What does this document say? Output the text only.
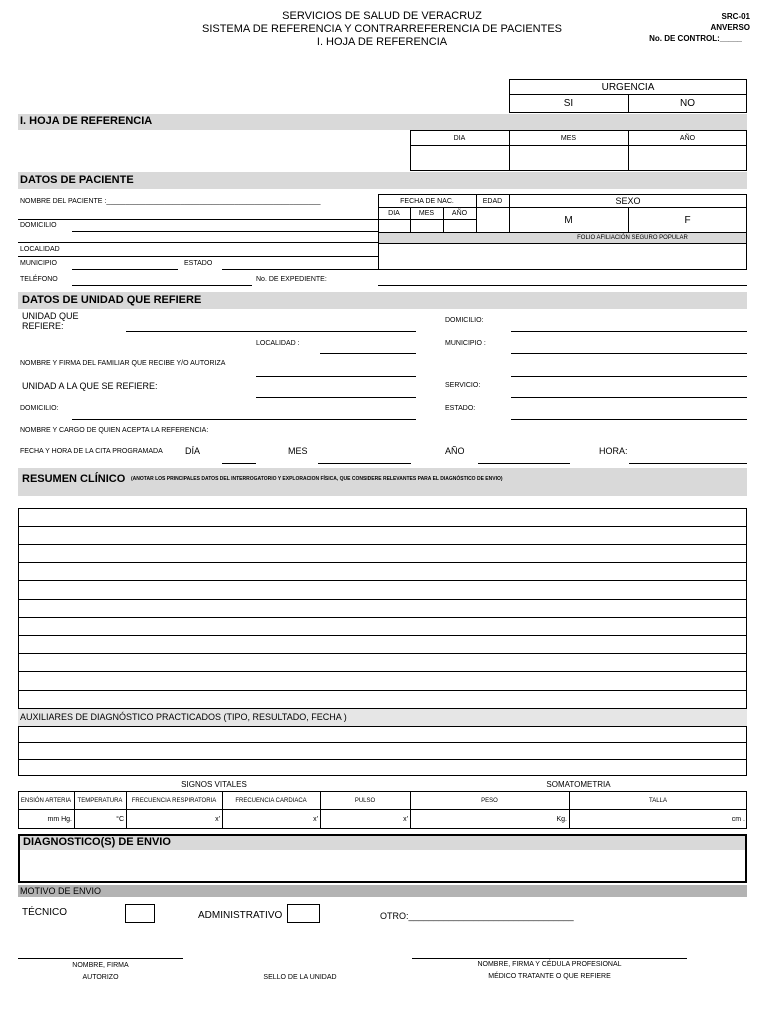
SERVICIOS DE SALUD DE VERACRUZ
SISTEMA DE REFERENCIA Y CONTRARREFERENCIA DE PACIENTES
I. HOJA DE REFERENCIA
SRC-01
ANVERSO
No. DE CONTROL:_____
URGENCIA
SI	NO
I. HOJA DE REFERENCIA
DIA	MES	AÑO
DATOS DE PACIENTE
NOMBRE DEL PACIENTE :_______________________________________________________	FECHA DE NAC.	EDAD	SEXO
DIA	MES	AÑO
M	F
FOLIO AFILIACIÓN SEGURO POPULAR
DOMICILIO
LOCALIDAD
MUNICIPIO	ESTADO
TELÉFONO	No. DE EXPEDIENTE:
DATOS DE UNIDAD QUE REFIERE
UNIDAD QUE
REFIERE:
DOMICILIO:
LOCALIDAD :	MUNICIPIO :
NOMBRE Y FIRMA DEL FAMILIAR QUE RECIBE Y/O AUTORIZA
UNIDAD A LA QUE SE REFIERE:	SERVICIO:
DOMICILIO:	ESTADO:
NOMBRE Y CARGO DE QUIEN ACEPTA LA REFERENCIA:
FECHA Y HORA DE LA CITA PROGRAMADA DÍA	MES	AÑO	HORA:
RESUMEN CLÍNICO (ANOTAR LOS PRINCIPALES DATOS DEL INTERROGATORIO Y EXPLORACION FÍSICA, QUE CONSIDERE RELEVANTES PARA EL DIAGNÓSTICO DE ENVIO)
AUXILIARES DE DIAGNÓSTICO PRACTICADOS (TIPO, RESULTADO, FECHA )
SIGNOS VITALES	SOMATOMETRIA
ENSIÓN ARTERIA	TEMPERATURA	FRECUENCIA RESPIRATORIA	FRECUENCIA CARDIACA	PULSO	PESO	TALLA
mm Hg.	°C	x'	x'	x'	Kg.	cm .
DIAGNOSTICO(S) DE ENVIO
MOTIVO DE ENVIO
TÉCNICO	ADMINISTRATIVO	OTRO:_________________________________
NOMBRE, FIRMA
AUTORIZO	SELLO DE LA UNIDAD
NOMBRE, FIRMA Y CÉDULA PROFESIONAL
MÉDICO TRATANTE O QUE REFIERE
